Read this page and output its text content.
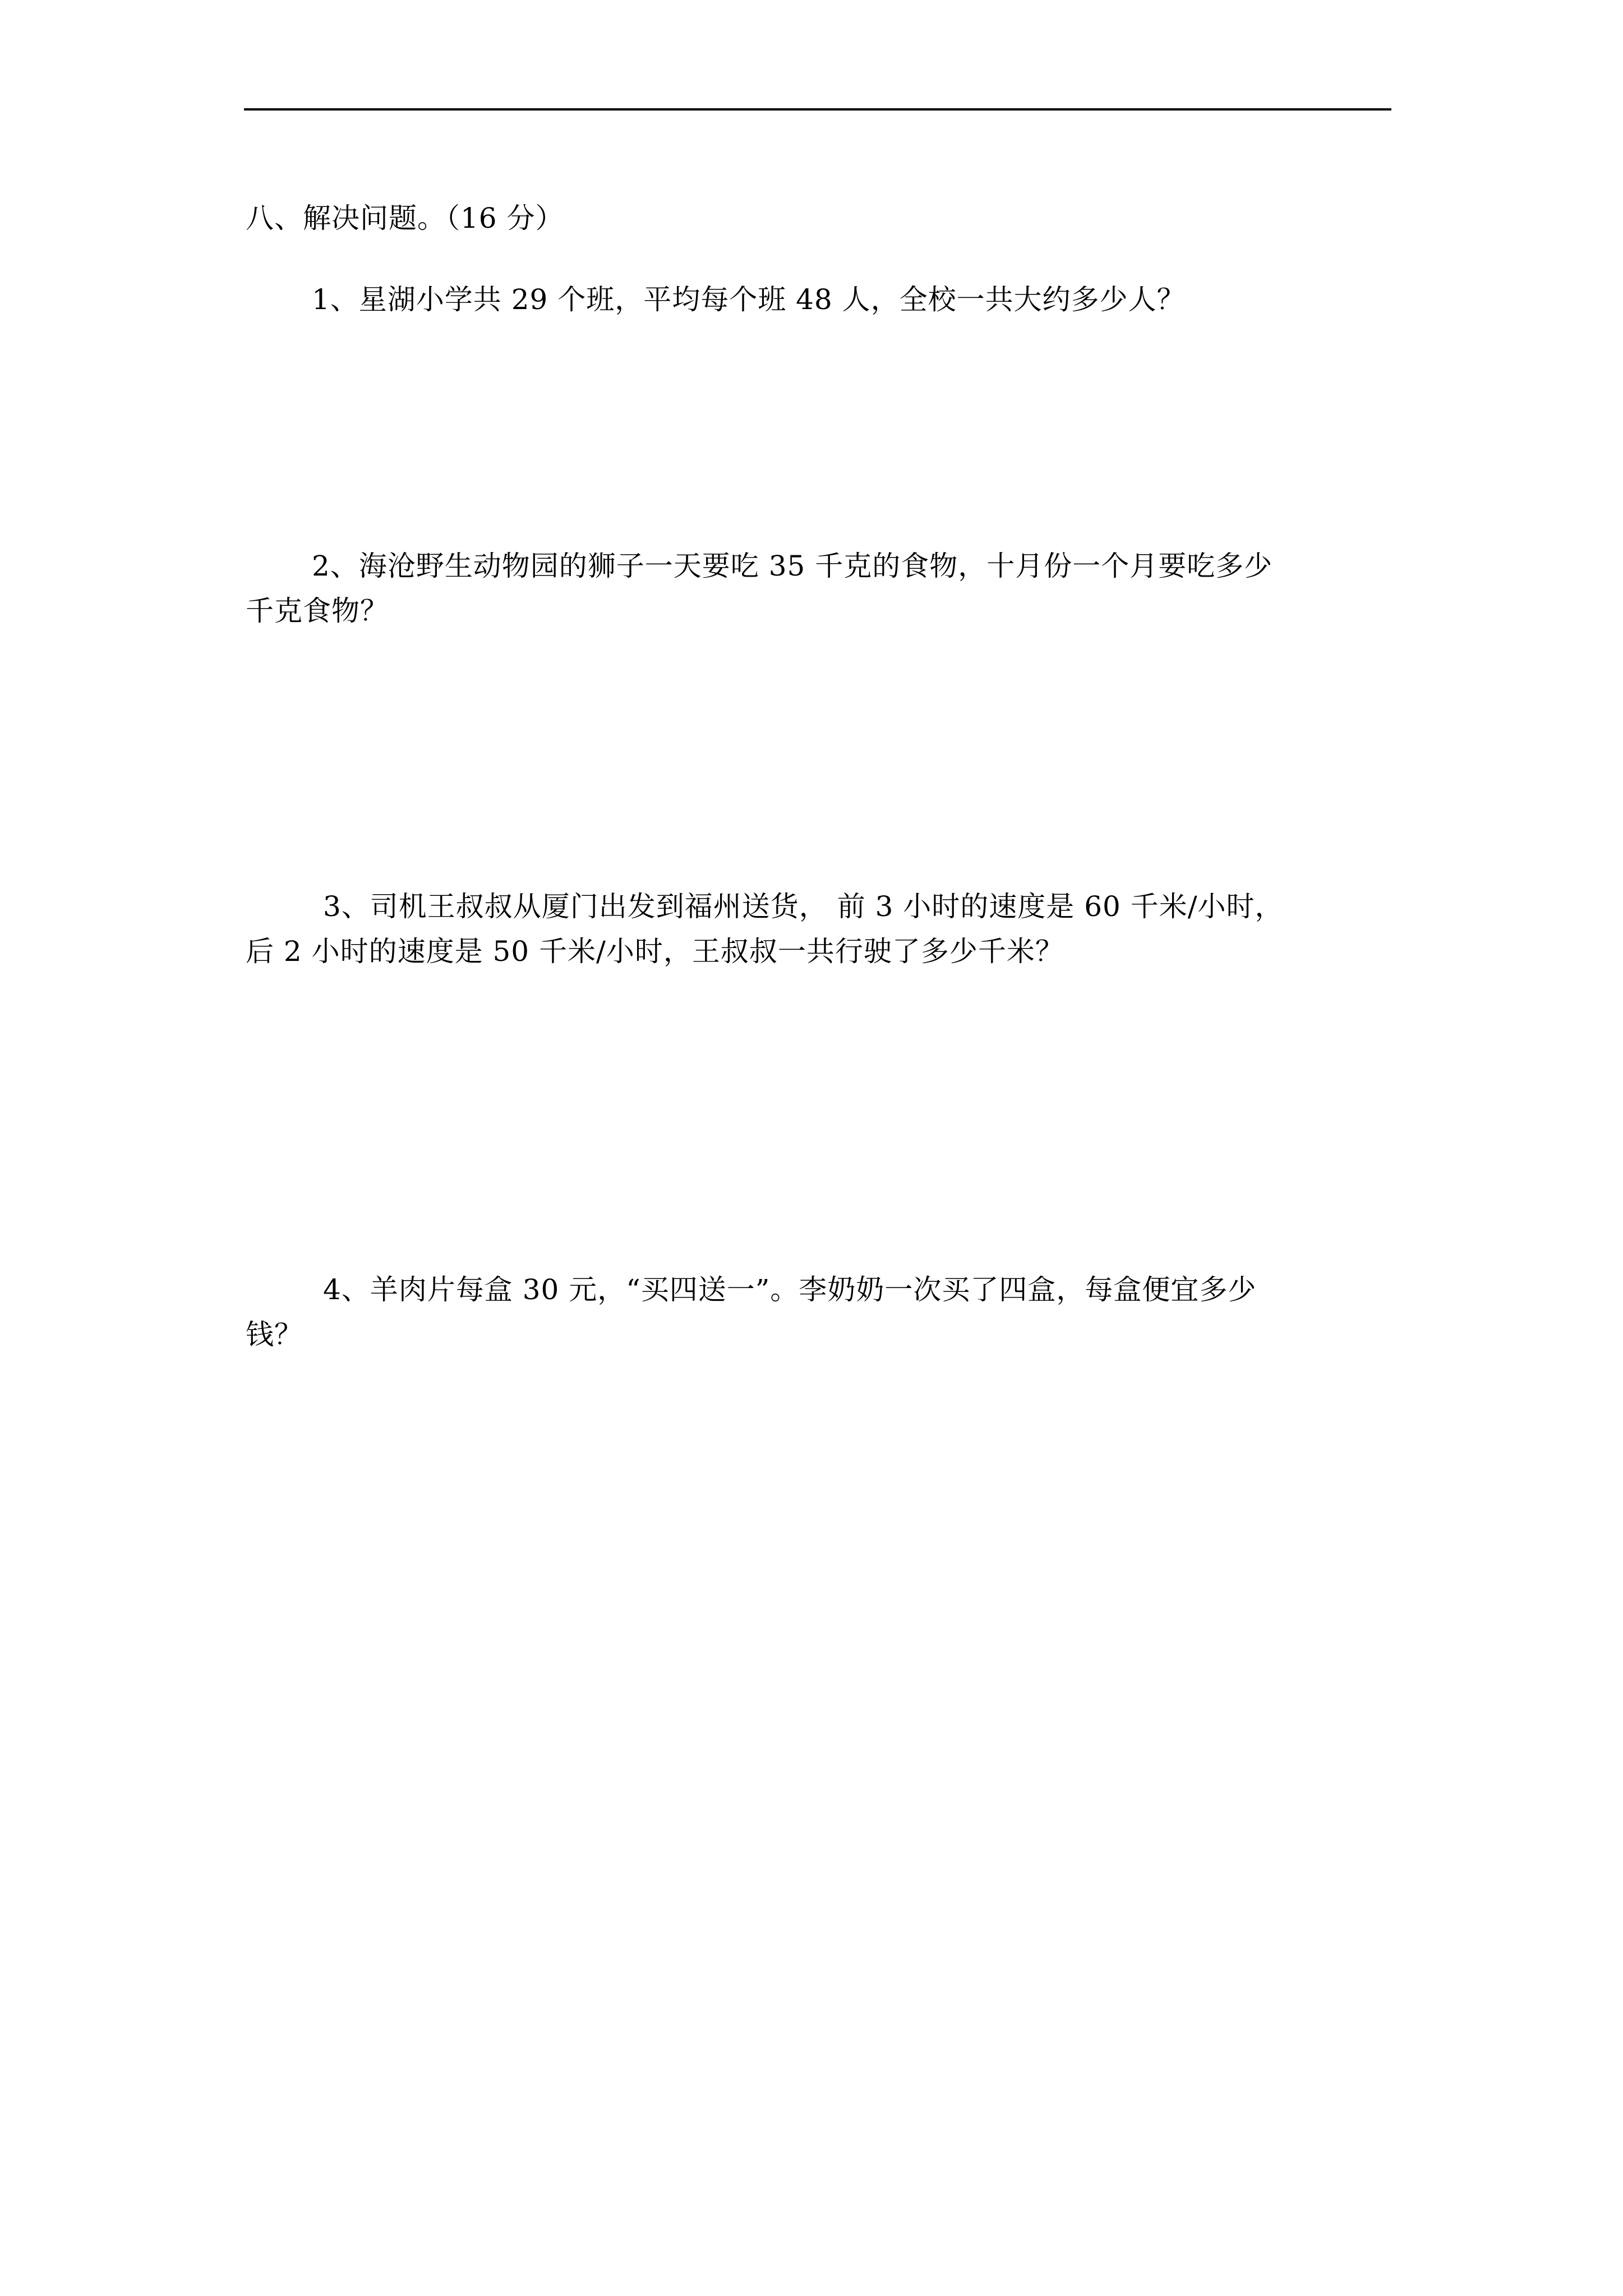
八、解决问题。（16 分）
1、星湖小学共 29 个班，平均每个班 48 人，全校一共大约多少人？
2、海沧野生动物园的狮子一天要吃 35 千克的食物，十月份一个月要吃多少
千克食物？
3、司机王叔叔从厦门出发到福州送货， 前 3 小时的速度是 60 千米/小时，
后 2 小时的速度是 50 千米/小时，王叔叔一共行驶了多少千米？
4、羊肉片每盒 30 元，“买四送一”。李奶奶一次买了四盒，每盒便宜多少
钱？
